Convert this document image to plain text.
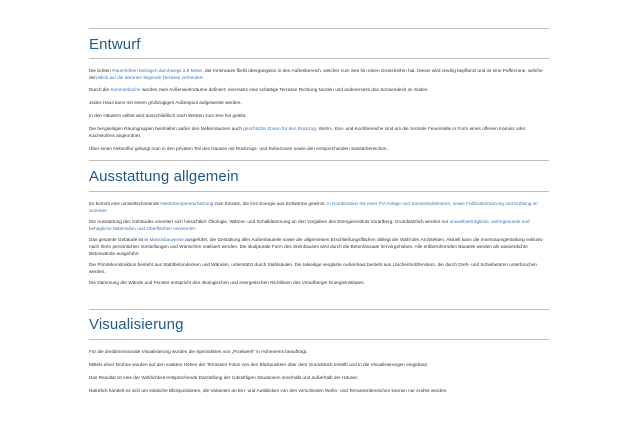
Entwurf

Die lichten Raumhöhen betragen durchwegs 2.8 Meter, der Innenraum fließt übergangslos in den Außenbereich, welcher zum See hin einen Grünstreifen hat. Dieser wird niedrig bepflanzt und ist eine Pufferzone, welche den Blick auf die darunter liegende Terrasse verhindert.

Durch die Sommerküche werden zwei Außenwohnräume definiert: einerseits eine schattige Terrasse Richtung Norden und andererseits das Sonnendeck im Süden.

Jedes Haus kann mit einem großzügigen Außenpool aufgewertet werden.

In den Häusern selbst wird ausschließlich nach Westen zum See hin gelebt.

Die bergseitigen Raumgruppen beinhalten außer den Nebenräumen auch geschützte Zonen für den Rückzug. Wohn-, Ess- und Kochbereiche sind um die zentrale Feuerstelle in Form eines offenen Kamins oder Kachelofens angeordnet.

Über einen Nebenflur gelangt man in den privaten Teil des Hauses mit Rückzugs- und Ruhezonen sowie den entsprechenden Sanitärbereichen.

Ausstattung allgemein

Es kommt eine umweltschonende Niedertemperaturheizung zum Einsatz, die ihre Energie aus Erdwärme gewinnt, in Kombination mit einer PV-Anlage und Sonnenkollektoren, sowie Fußbodenheizung und Kühlung im Sommer.

Die Ausstattung des Gebäudes orientiert sich hinsichtlich Ökologie, Wärme- und Schalldämmung an den Vorgaben des Energieinstituts Vorarlberg. Grundsätzlich werden nur umweltverträgliche, wohngesunde und behagliche Materialien und Oberflächen verwendet.

Das gesamte Gebäude ist in Massivbauweise ausgeführt, die Gestaltung aller Außenbauteile sowie der allgemeinen Erschließungsflächen obliegt der Wahl des Architekten. Aktuell kann die Innenraumgestaltung exklusiv nach Ihren persönlichen Vorstellungen und Wünschen realisiert werden. Die skulpturale Form des Steinhauses wird durch die Betonfassade hervorgehoben. Alle erdberührenden Bauteile werden als wasserdichte Betonwände ausgeführt.

Die Primärkonstruktion besteht aus Stahlbetondecken und Wänden, unterstützt durch Stahlsäulen. Die talseitige verglaste Außenhaut besteht aus Lärchenholzfenstern, die durch Dreh- und Schiebetüren unterbrochen werden.

Die Dämmung der Wände und Fenster entspricht den ökologischen und energetischen Richtlinien des Vorarlberger Energieinstitutes.

Visualisierung

Für die dreidimensionale Visualisierung wurden die Spezialisten von „Pixelwerk" in Hohenems beauftragt.

Mittels einer Drohne wurden auf den exakten Höhen der Terrassen Fotos von den Blickpunkten über dem Grundstück erstellt und in die Visualisierungen eingebaut.

Das Resultat ist eine der Wirklichkeit entsprechende Darstellung der zukünftigen Situationen innerhalb und außerhalb der Häuser.

Natürlich handelt es sich um statische Blickpositionen, die Varianten an Ein- und Ausblicken von den verschieden Wohn- und Terrassenbereichen können nur erahnt werden.
